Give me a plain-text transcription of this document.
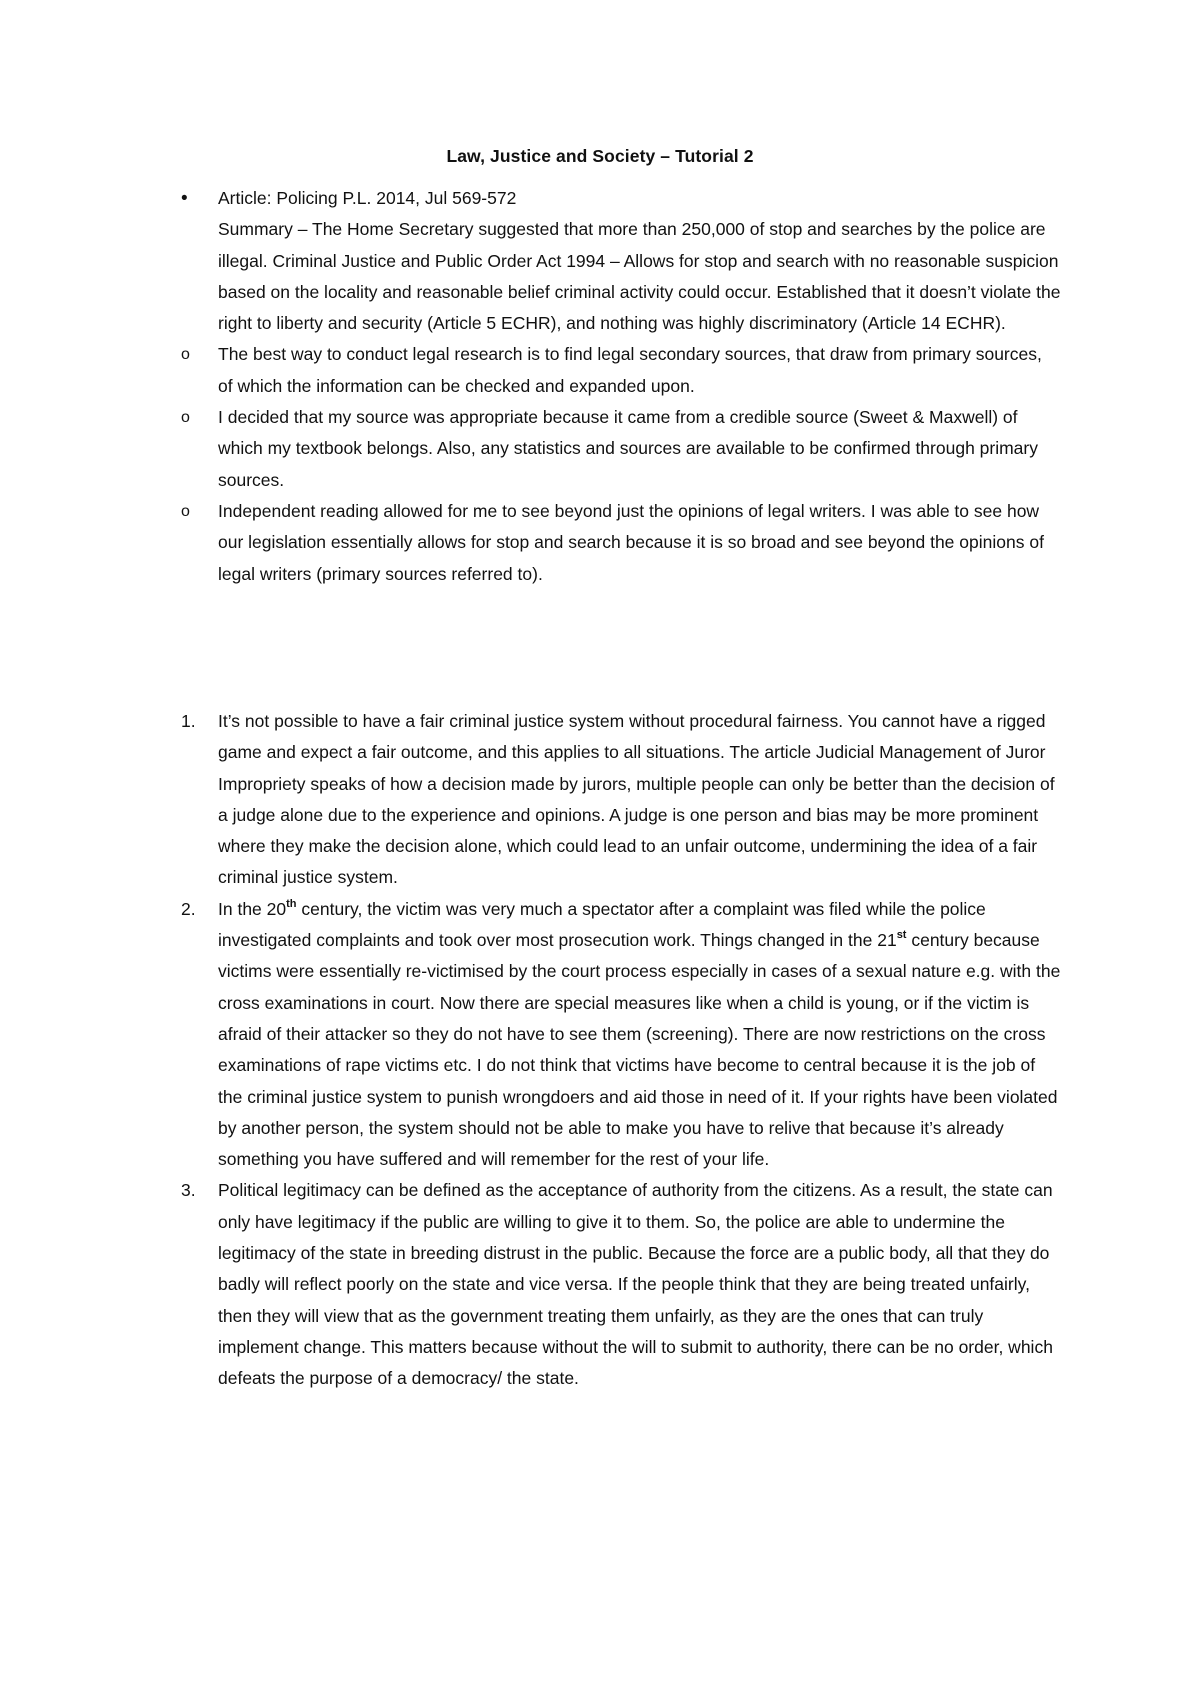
Law, Justice and Society – Tutorial 2
•	Article: Policing P.L. 2014, Jul 569-572
Summary – The Home Secretary suggested that more than 250,000 of stop and searches by the police are illegal. Criminal Justice and Public Order Act 1994 – Allows for stop and search with no reasonable suspicion based on the locality and reasonable belief criminal activity could occur. Established that it doesn’t violate the right to liberty and security (Article 5 ECHR), and nothing was highly discriminatory (Article 14 ECHR).
o	The best way to conduct legal research is to find legal secondary sources, that draw from primary sources, of which the information can be checked and expanded upon.
o	I decided that my source was appropriate because it came from a credible source (Sweet & Maxwell) of which my textbook belongs. Also, any statistics and sources are available to be confirmed through primary sources.
o	Independent reading allowed for me to see beyond just the opinions of legal writers. I was able to see how our legislation essentially allows for stop and search because it is so broad and see beyond the opinions of legal writers (primary sources referred to).
1. It’s not possible to have a fair criminal justice system without procedural fairness. You cannot have a rigged game and expect a fair outcome, and this applies to all situations. The article Judicial Management of Juror Impropriety speaks of how a decision made by jurors, multiple people can only be better than the decision of a judge alone due to the experience and opinions. A judge is one person and bias may be more prominent where they make the decision alone, which could lead to an unfair outcome, undermining the idea of a fair criminal justice system.
2. In the 20th century, the victim was very much a spectator after a complaint was filed while the police investigated complaints and took over most prosecution work. Things changed in the 21st century because victims were essentially re-victimised by the court process especially in cases of a sexual nature e.g. with the cross examinations in court. Now there are special measures like when a child is young, or if the victim is afraid of their attacker so they do not have to see them (screening). There are now restrictions on the cross examinations of rape victims etc. I do not think that victims have become to central because it is the job of the criminal justice system to punish wrongdoers and aid those in need of it. If your rights have been violated by another person, the system should not be able to make you have to relive that because it’s already something you have suffered and will remember for the rest of your life.
3. Political legitimacy can be defined as the acceptance of authority from the citizens. As a result, the state can only have legitimacy if the public are willing to give it to them. So, the police are able to undermine the legitimacy of the state in breeding distrust in the public. Because the force are a public body, all that they do badly will reflect poorly on the state and vice versa. If the people think that they are being treated unfairly, then they will view that as the government treating them unfairly, as they are the ones that can truly implement change. This matters because without the will to submit to authority, there can be no order, which defeats the purpose of a democracy/ the state.
